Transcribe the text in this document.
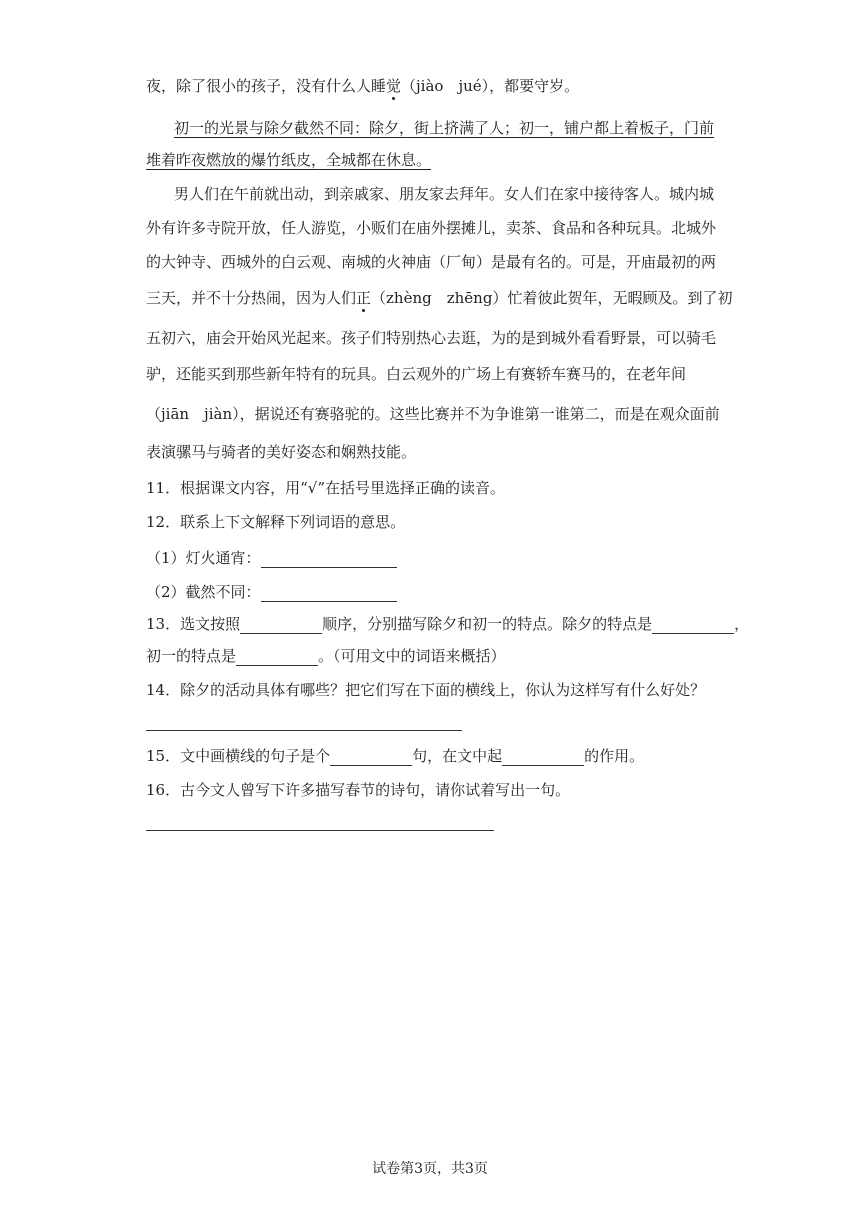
夜，除了很小的孩子，没有什么人睡觉（jiào　jué），都要守岁。
初一的光景与除夕截然不同：除夕，街上挤满了人；初一，铺户都上着板子，门前
堆着昨夜燃放的爆竹纸皮，全城都在休息。
男人们在午前就出动，到亲戚家、朋友家去拜年。女人们在家中接待客人。城内城
外有许多寺院开放，任人游览，小贩们在庙外摆摊儿，卖茶、食品和各种玩具。北城外
的大钟寺、西城外的白云观、南城的火神庙（厂甸）是最有名的。可是，开庙最初的两
三天，并不十分热闹，因为人们正（zhèng　zhēng）忙着彼此贺年，无暇顾及。到了初
五初六，庙会开始风光起来。孩子们特别热心去逛，为的是到城外看看野景，可以骑毛
驴，还能买到那些新年特有的玩具。白云观外的广场上有赛轿车赛马的，在老年间
（jiān　jiàn），据说还有赛骆驼的。这些比赛并不为争谁第一谁第二，而是在观众面前
表演骡马与骑者的美好姿态和娴熟技能。
11．根据课文内容，用“√”在括号里选择正确的读音。
12．联系上下文解释下列词语的意思。
（1）灯火通宵：
（2）截然不同：
13．选文按照	顺序，分别描写除夕和初一的特点。除夕的特点是	，
初一的特点是	。（可用文中的词语来概括）
14．除夕的活动具体有哪些？把它们写在下面的横线上，你认为这样写有什么好处？
15．文中画横线的句子是个	句，在文中起	的作用。
16．古今文人曾写下许多描写春节的诗句，请你试着写出一句。
试卷第3页，共3页
